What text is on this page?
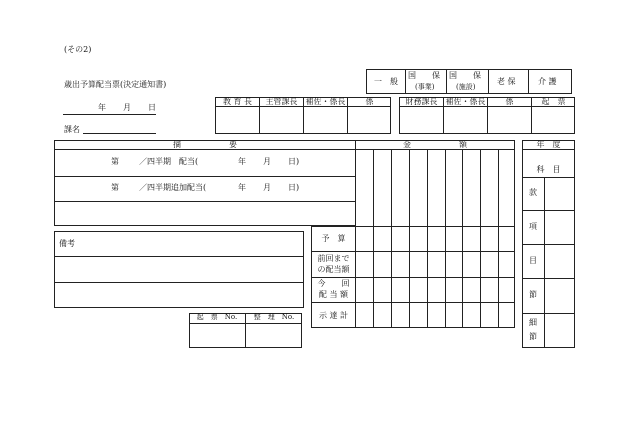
(その2)
歳出予算配当票(決定通知書)
年 月 日
課名
一　般
国　　保
(事業)
国　　保
(施設)
老 保	介 護
教 育 長	主管課長	補佐・係長	係	財務課長	補佐・係長	係	起　票
摘　　　　　　要
第	／四半期　配当(	年 月 日)
第	／四半期追加配当(	年 月 日)
金　　　　　　額
予　算
前回まで
の配当額
今　　回
配 当 額
示 達 計
備考
起　票　No.	整　理　No.
年　度
科　目
款
項
目
節
細
節
